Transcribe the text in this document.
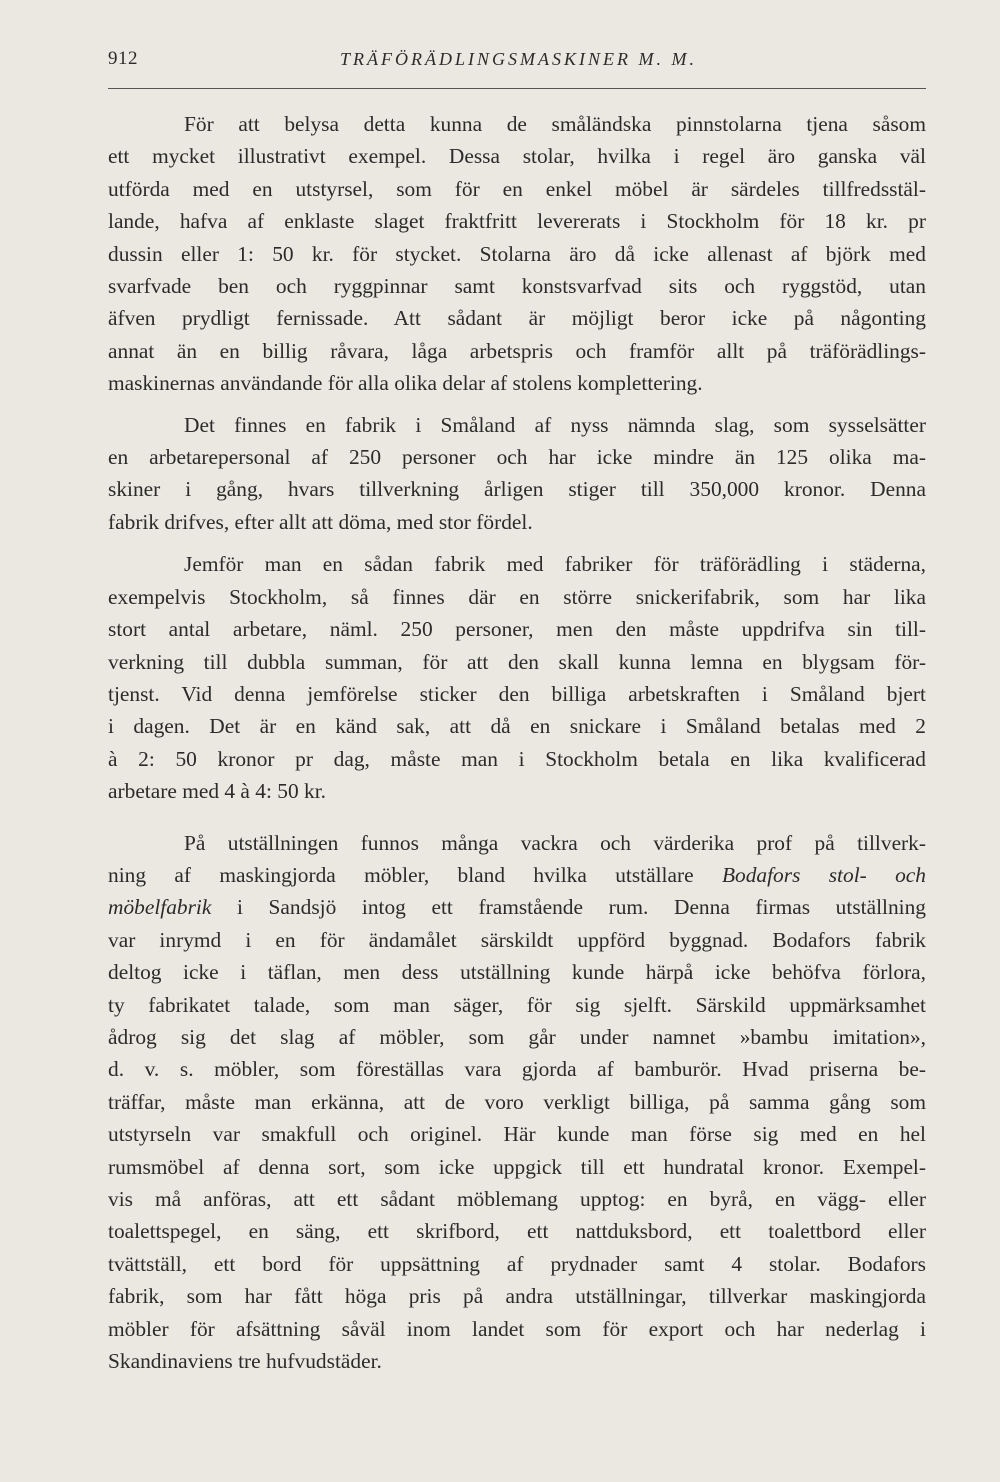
912	TRÄFÖRÄDLINGSMASKINER M. M.

För att belysa detta kunna de småländska pinnstolarna tjena såsom
ett mycket illustrativt exempel. Dessa stolar, hvilka i regel äro ganska väl
utförda med en utstyrsel, som för en enkel möbel är särdeles tillfredsstäl-
lande, hafva af enklaste slaget fraktfritt levererats i Stockholm för 18 kr. pr
dussin eller 1: 50 kr. för stycket. Stolarna äro då icke allenast af björk med
svarfvade ben och ryggpinnar samt konstsvarfvad sits och ryggstöd, utan
äfven prydligt fernissade. Att sådant är möjligt beror icke på någonting
annat än en billig råvara, låga arbetspris och framför allt på träförädlings-
maskinernas användande för alla olika delar af stolens komplettering.

Det finnes en fabrik i Småland af nyss nämnda slag, som sysselsätter
en arbetarepersonal af 250 personer och har icke mindre än 125 olika ma-
skiner i gång, hvars tillverkning årligen stiger till 350,000 kronor. Denna
fabrik drifves, efter allt att döma, med stor fördel.

Jemför man en sådan fabrik med fabriker för träförädling i städerna,
exempelvis Stockholm, så finnes där en större snickerifabrik, som har lika
stort antal arbetare, näml. 250 personer, men den måste uppdrifva sin till-
verkning till dubbla summan, för att den skall kunna lemna en blygsam för-
tjenst. Vid denna jemförelse sticker den billiga arbetskraften i Småland bjert
i dagen. Det är en känd sak, att då en snickare i Småland betalas med 2
à 2: 50 kronor pr dag, måste man i Stockholm betala en lika kvalificerad
arbetare med 4 à 4: 50 kr.

På utställningen funnos många vackra och värderika prof på tillverk-
ning af maskingjorda möbler, bland hvilka utställare Bodafors stol- och
möbelfabrik i Sandsjö intog ett framstående rum. Denna firmas utställning
var inrymd i en för ändamålet särskildt uppförd byggnad. Bodafors fabrik
deltog icke i täflan, men dess utställning kunde härpå icke behöfva förlora,
ty fabrikatet talade, som man säger, för sig sjelft. Särskild uppmärksamhet
ådrog sig det slag af möbler, som går under namnet »bambu imitation»,
d. v. s. möbler, som föreställas vara gjorda af bamburör. Hvad priserna be-
träffar, måste man erkänna, att de voro verkligt billiga, på samma gång som
utstyrseln var smakfull och originel. Här kunde man förse sig med en hel
rumsmöbel af denna sort, som icke uppgick till ett hundratal kronor. Exempel-
vis må anföras, att ett sådant möblemang upptog: en byrå, en vägg- eller
toalettspegel, en säng, ett skrifbord, ett nattduksbord, ett toalettbord eller
tvättställ, ett bord för uppsättning af prydnader samt 4 stolar. Bodafors
fabrik, som har fått höga pris på andra utställningar, tillverkar maskingjorda
möbler för afsättning såväl inom landet som för export och har nederlag i
Skandinaviens tre hufvudstäder.
